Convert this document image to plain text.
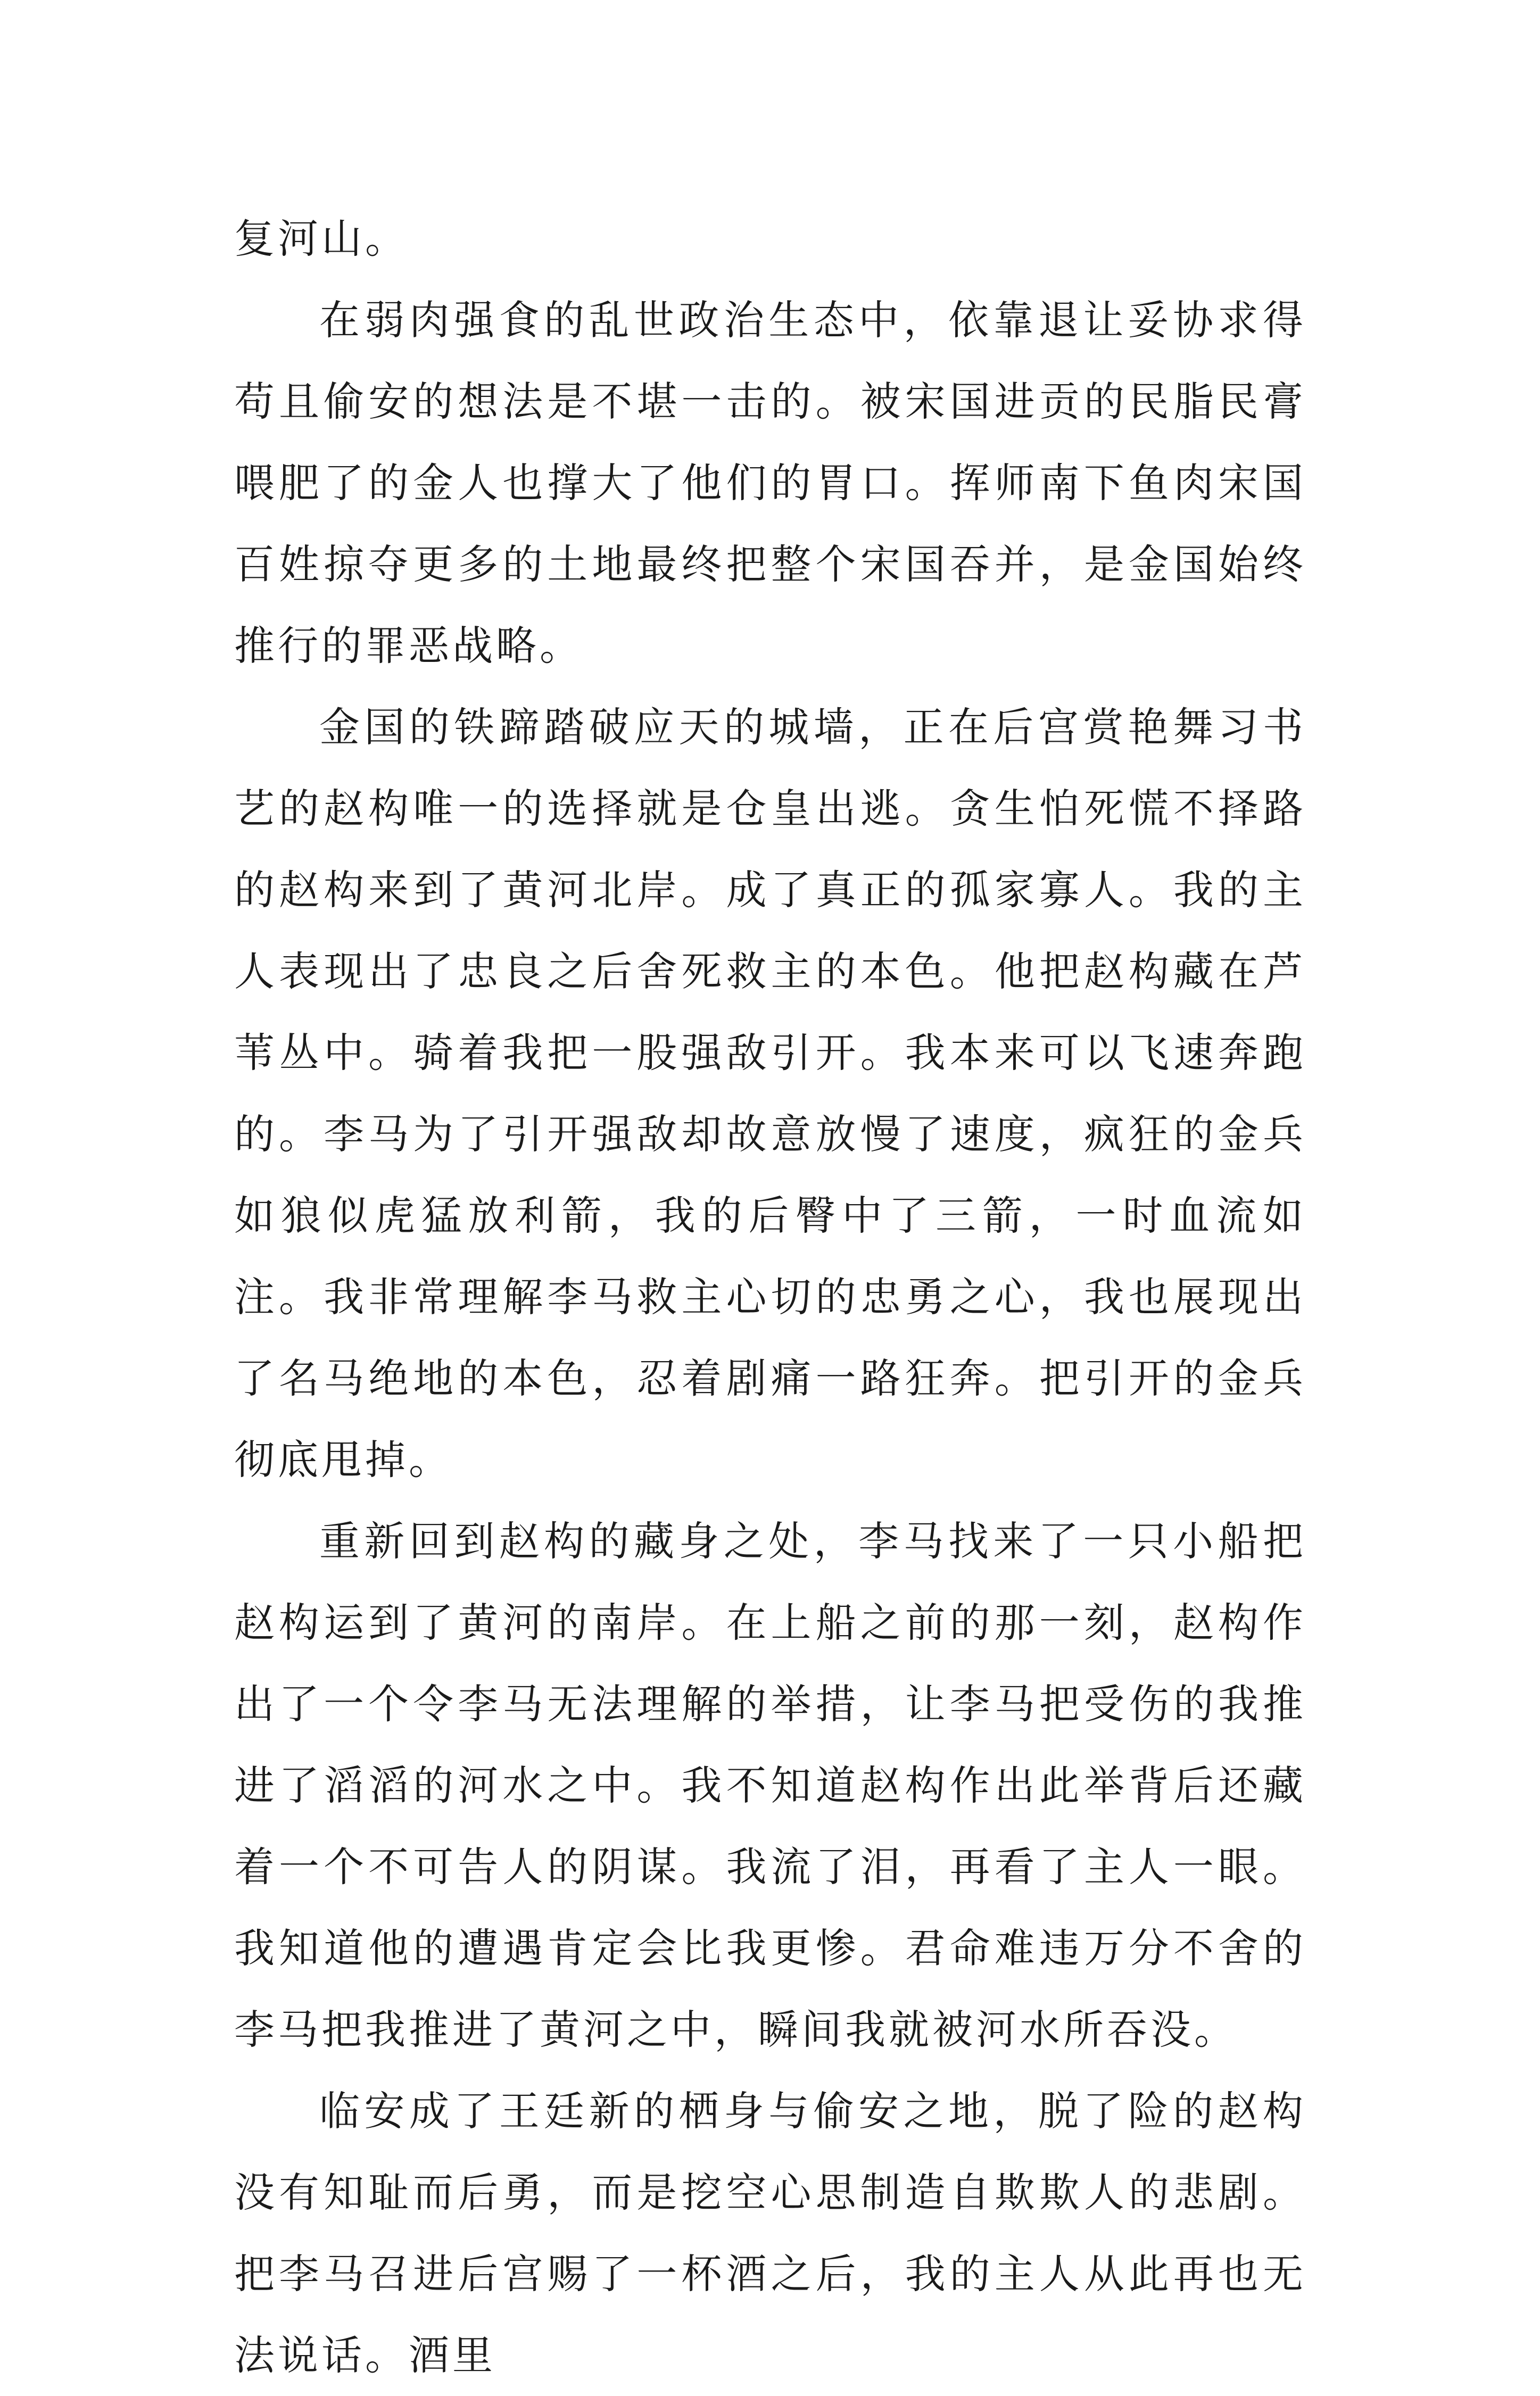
复河山。

在弱肉强食的乱世政治生态中，依靠退让妥协求得苟且偷安的想法是不堪一击的。被宋国进贡的民脂民膏喂肥了的金人也撑大了他们的胃口。挥师南下鱼肉宋国百姓掠夺更多的土地最终把整个宋国吞并，是金国始终推行的罪恶战略。

金国的铁蹄踏破应天的城墙，正在后宫赏艳舞习书艺的赵构唯一的选择就是仓皇出逃。贪生怕死慌不择路的赵构来到了黄河北岸。成了真正的孤家寡人。我的主人表现出了忠良之后舍死救主的本色。他把赵构藏在芦苇丛中。骑着我把一股强敌引开。我本来可以飞速奔跑的。李马为了引开强敌却故意放慢了速度，疯狂的金兵如狼似虎猛放利箭，我的后臀中了三箭，一时血流如注。我非常理解李马救主心切的忠勇之心，我也展现出了名马绝地的本色，忍着剧痛一路狂奔。把引开的金兵彻底甩掉。

重新回到赵构的藏身之处，李马找来了一只小船把赵构运到了黄河的南岸。在上船之前的那一刻，赵构作出了一个令李马无法理解的举措，让李马把受伤的我推进了滔滔的河水之中。我不知道赵构作出此举背后还藏着一个不可告人的阴谋。我流了泪，再看了主人一眼。我知道他的遭遇肯定会比我更惨。君命难违万分不舍的李马把我推进了黄河之中，瞬间我就被河水所吞没。

临安成了王廷新的栖身与偷安之地，脱了险的赵构没有知耻而后勇，而是挖空心思制造自欺欺人的悲剧。把李马召进后宫赐了一杯酒之后，我的主人从此再也无法说话。酒里
